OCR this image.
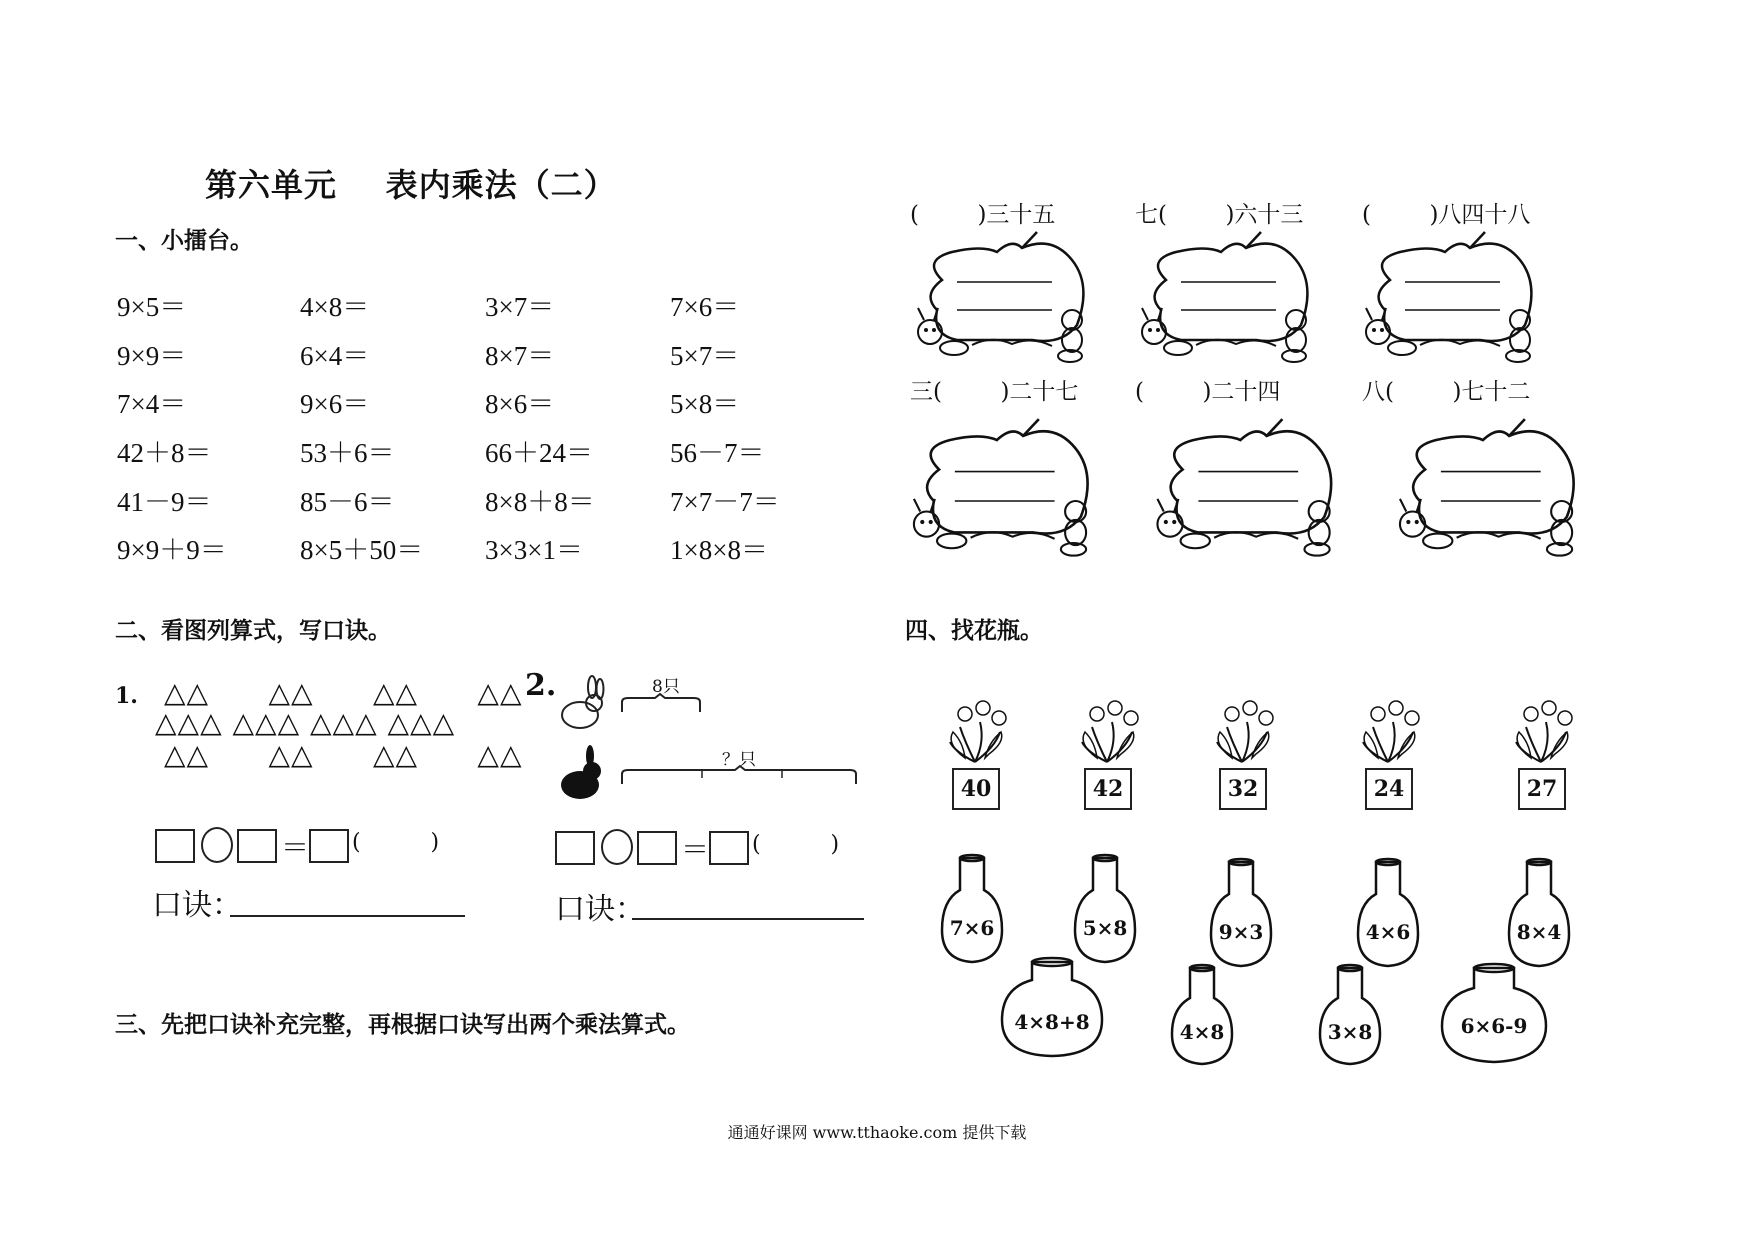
第六单元    表内乘法（二）
一、小擂台。
9×5＝	4×8＝	3×7＝	7×6＝
9×9＝	6×4＝	8×7＝	5×7＝
7×4＝	9×6＝	8×6＝	5×8＝
42＋8＝	53＋6＝	66＋24＝	56－7＝
41－9＝	85－6＝	8×8＋8＝	7×7－7＝
9×9＋9＝	8×5＋50＝ 3×3×1＝	1×8×8＝
二、看图列算式，写口诀。
1. △△      △△      △△      △△
△△△ △△△ △△△ △△△
△△      △△      △△      △△
＝ (          )
口诀：
2.	8只
？只
＝ (          )
口诀：
三、先把口诀补充完整，再根据口诀写出两个乘法算式。
(        )三十五	七(        )六十三	(        )八四十八
三(        )二十七 (        )二十四	八(        )七十二
四、找花瓶。
40	42	32	24	27
7×6	5×8	9×3	4×6	8×4
4×8+8	4×8	3×8	6×6-9
通通好课网 www.tthaoke.com 提供下载
